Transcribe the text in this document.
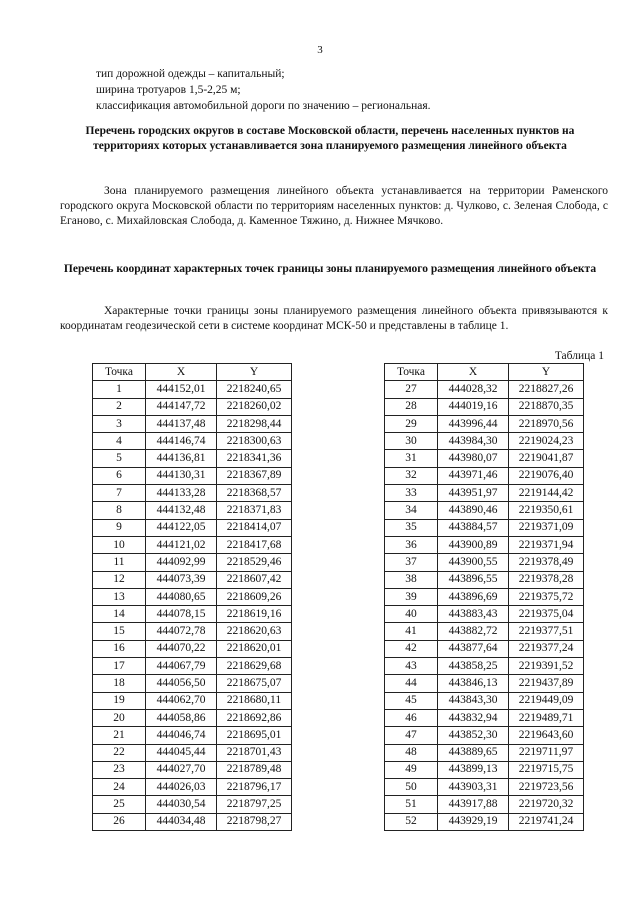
3
тип дорожной одежды – капитальный;
ширина тротуаров 1,5-2,25 м;
классификация автомобильной дороги по значению – региональная.
Перечень городских округов в составе Московской области, перечень населенных пунктов на территориях которых устанавливается зона планируемого размещения линейного объекта
Зона планируемого размещения линейного объекта устанавливается на территории Раменского городского округа Московской области по территориям населенных пунктов: д. Чулково, с. Зеленая Слобода, с Еганово, с. Михайловская Слобода, д. Каменное Тяжино, д. Нижнее Мячково.
Перечень координат характерных точек границы зоны планируемого размещения линейного объекта
Характерные точки границы зоны планируемого размещения линейного объекта привязываются к координатам геодезической сети в системе координат МСК-50 и представлены в таблице 1.
Таблица 1
Точка	X	Y
1	444152,01	2218240,65
2	444147,72	2218260,02
3	444137,48	2218298,44
4	444146,74	2218300,63
5	444136,81	2218341,36
6	444130,31	2218367,89
7	444133,28	2218368,57
8	444132,48	2218371,83
9	444122,05	2218414,07
10	444121,02	2218417,68
11	444092,99	2218529,46
12	444073,39	2218607,42
13	444080,65	2218609,26
14	444078,15	2218619,16
15	444072,78	2218620,63
16	444070,22	2218620,01
17	444067,79	2218629,68
18	444056,50	2218675,07
19	444062,70	2218680,11
20	444058,86	2218692,86
21	444046,74	2218695,01
22	444045,44	2218701,43
23	444027,70	2218789,48
24	444026,03	2218796,17
25	444030,54	2218797,25
26	444034,48	2218798,27
Точка	X	Y
27	444028,32	2218827,26
28	444019,16	2218870,35
29	443996,44	2218970,56
30	443984,30	2219024,23
31	443980,07	2219041,87
32	443971,46	2219076,40
33	443951,97	2219144,42
34	443890,46	2219350,61
35	443884,57	2219371,09
36	443900,89	2219371,94
37	443900,55	2219378,49
38	443896,55	2219378,28
39	443896,69	2219375,72
40	443883,43	2219375,04
41	443882,72	2219377,51
42	443877,64	2219377,24
43	443858,25	2219391,52
44	443846,13	2219437,89
45	443843,30	2219449,09
46	443832,94	2219489,71
47	443852,30	2219643,60
48	443889,65	2219711,97
49	443899,13	2219715,75
50	443903,31	2219723,56
51	443917,88	2219720,32
52	443929,19	2219741,24
